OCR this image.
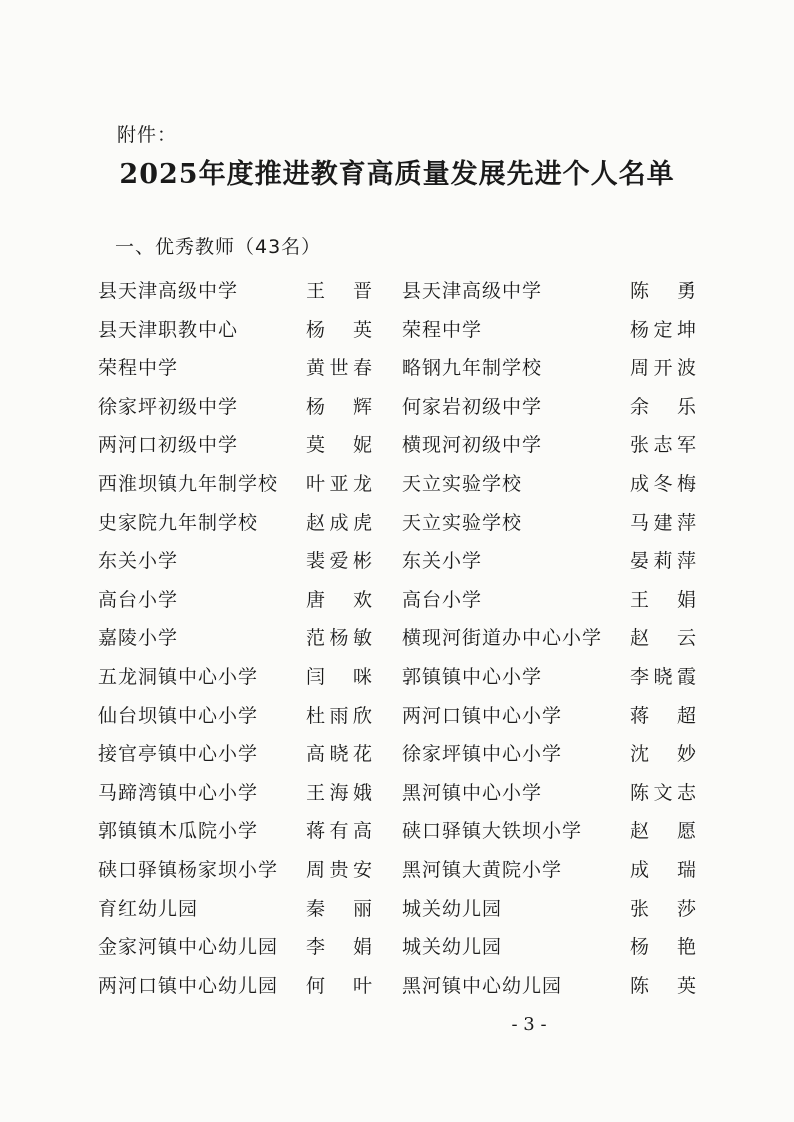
附件：
2025年度推进教育高质量发展先进个人名单
一、优秀教师（43名）
县天津高级中学	王晋 县天津高级中学	陈勇
县天津职教中心	杨英 荣程中学	杨定坤
荣程中学	黄世春 略钢九年制学校	周开波
徐家坪初级中学	杨辉 何家岩初级中学	余乐
两河口初级中学	莫妮 横现河初级中学	张志军
西淮坝镇九年制学校 叶亚龙 天立实验学校	成冬梅
史家院九年制学校	赵成虎 天立实验学校	马建萍
东关小学	裴爱彬 东关小学	晏莉萍
高台小学	唐欢 高台小学	王娟
嘉陵小学	范杨敏 横现河街道办中心小学 赵云
五龙洞镇中心小学	闫咪 郭镇镇中心小学	李晓霞
仙台坝镇中心小学	杜雨欣 两河口镇中心小学	蒋超
接官亭镇中心小学	高晓花 徐家坪镇中心小学	沈妙
马蹄湾镇中心小学	王海娥 黑河镇中心小学	陈文志
郭镇镇木瓜院小学	蒋有高 硖口驿镇大铁坝小学	赵愿
硖口驿镇杨家坝小学 周贵安 黑河镇大黄院小学	成瑞
育红幼儿园	秦丽 城关幼儿园	张莎
金家河镇中心幼儿园 李娟 城关幼儿园	杨艳
两河口镇中心幼儿园 何叶 黑河镇中心幼儿园	陈英
- 3 -
